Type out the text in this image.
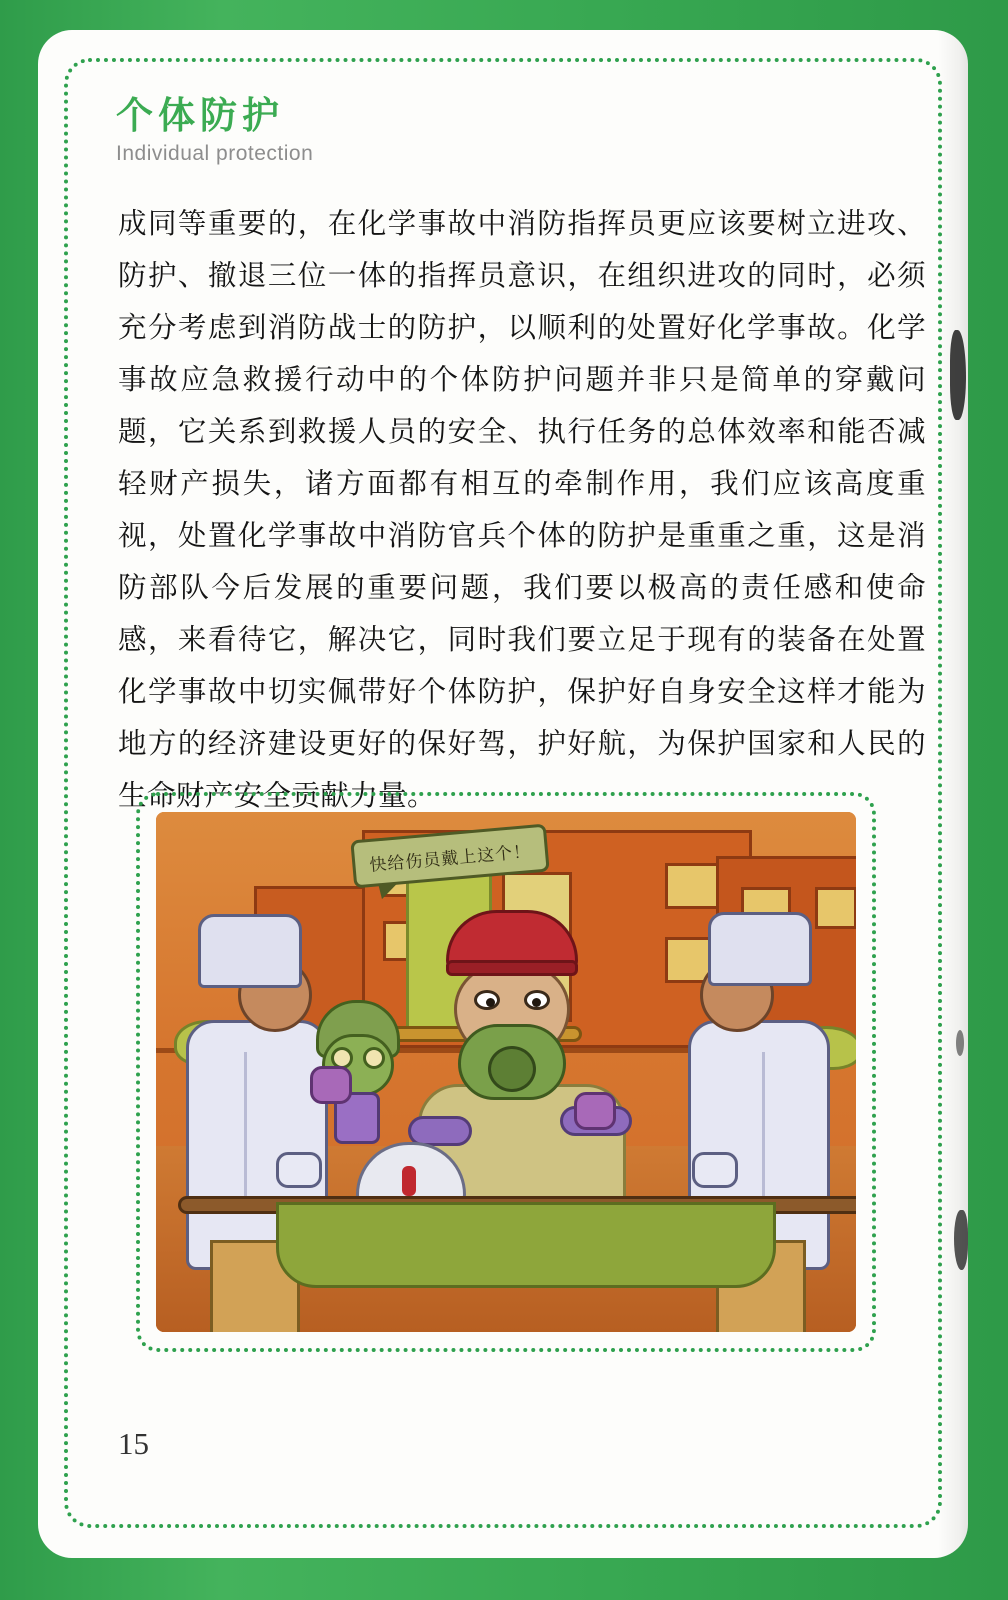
个体防护
Individual protection
成同等重要的，在化学事故中消防指挥员更应该要树立进攻、防护、撤退三位一体的指挥员意识，在组织进攻的同时，必须充分考虑到消防战士的防护，以顺利的处置好化学事故。化学事故应急救援行动中的个体防护问题并非只是简单的穿戴问题，它关系到救援人员的安全、执行任务的总体效率和能否减轻财产损失，诸方面都有相互的牵制作用，我们应该高度重视，处置化学事故中消防官兵个体的防护是重重之重，这是消防部队今后发展的重要问题，我们要以极高的责任感和使命感，来看待它，解决它，同时我们要立足于现有的装备在处置化学事故中切实佩带好个体防护，保护好自身安全这样才能为地方的经济建设更好的保好驾，护好航，为保护国家和人民的生命财产安全贡献力量。
快给伤员戴上这个！
15
